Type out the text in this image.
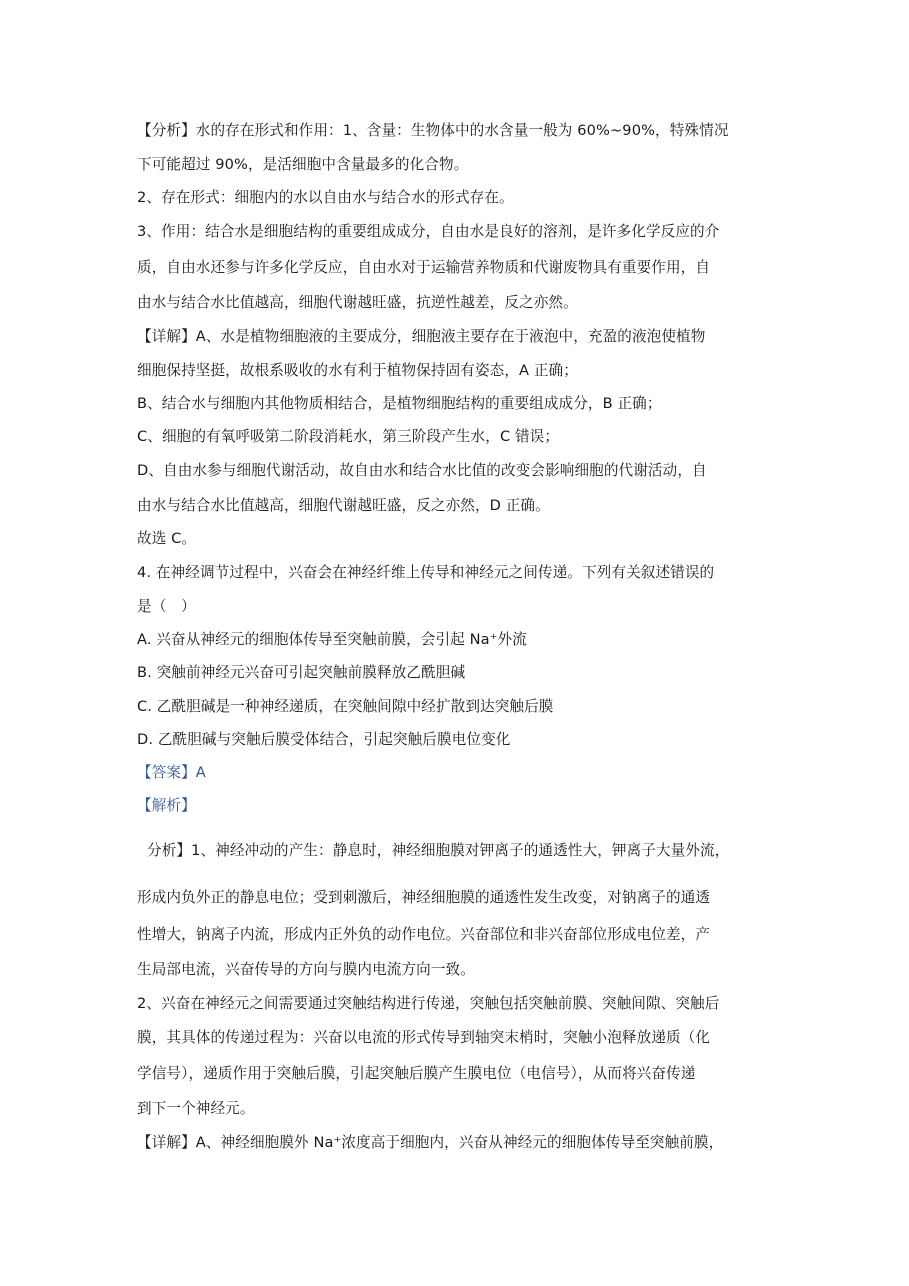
【分析】水的存在形式和作用：1、含量：生物体中的水含量一般为 60%~90%，特殊情况
下可能超过 90%，是活细胞中含量最多的化合物。
2、存在形式：细胞内的水以自由水与结合水的形式存在。
3、作用：结合水是细胞结构的重要组成成分，自由水是良好的溶剂，是许多化学反应的介
质，自由水还参与许多化学反应，自由水对于运输营养物质和代谢废物具有重要作用，自
由水与结合水比值越高，细胞代谢越旺盛，抗逆性越差，反之亦然。
【详解】A、水是植物细胞液的主要成分，细胞液主要存在于液泡中，充盈的液泡使植物
细胞保持坚挺，故根系吸收的水有利于植物保持固有姿态，A 正确；
B、结合水与细胞内其他物质相结合，是植物细胞结构的重要组成成分，B 正确；
C、细胞的有氧呼吸第二阶段消耗水，第三阶段产生水，C 错误；
D、自由水参与细胞代谢活动，故自由水和结合水比值的改变会影响细胞的代谢活动，自
由水与结合水比值越高，细胞代谢越旺盛，反之亦然，D 正确。
故选 C。
4. 在神经调节过程中，兴奋会在神经纤维上传导和神经元之间传递。下列有关叙述错误的
是（　）
A. 兴奋从神经元的细胞体传导至突触前膜，会引起 Na⁺外流
B. 突触前神经元兴奋可引起突触前膜释放乙酰胆碱
C. 乙酰胆碱是一种神经递质，在突触间隙中经扩散到达突触后膜
D. 乙酰胆碱与突触后膜受体结合，引起突触后膜电位变化
【答案】A
【解析】
分析】1、神经冲动的产生：静息时，神经细胞膜对钾离子的通透性大，钾离子大量外流，
形成内负外正的静息电位；受到刺激后，神经细胞膜的通透性发生改变，对钠离子的通透
性增大，钠离子内流，形成内正外负的动作电位。兴奋部位和非兴奋部位形成电位差，产
生局部电流，兴奋传导的方向与膜内电流方向一致。
2、兴奋在神经元之间需要通过突触结构进行传递，突触包括突触前膜、突触间隙、突触后
膜，其具体的传递过程为：兴奋以电流的形式传导到轴突末梢时，突触小泡释放递质（化
学信号），递质作用于突触后膜，引起突触后膜产生膜电位（电信号），从而将兴奋传递
到下一个神经元。
【详解】A、神经细胞膜外 Na⁺浓度高于细胞内，兴奋从神经元的细胞体传导至突触前膜，
